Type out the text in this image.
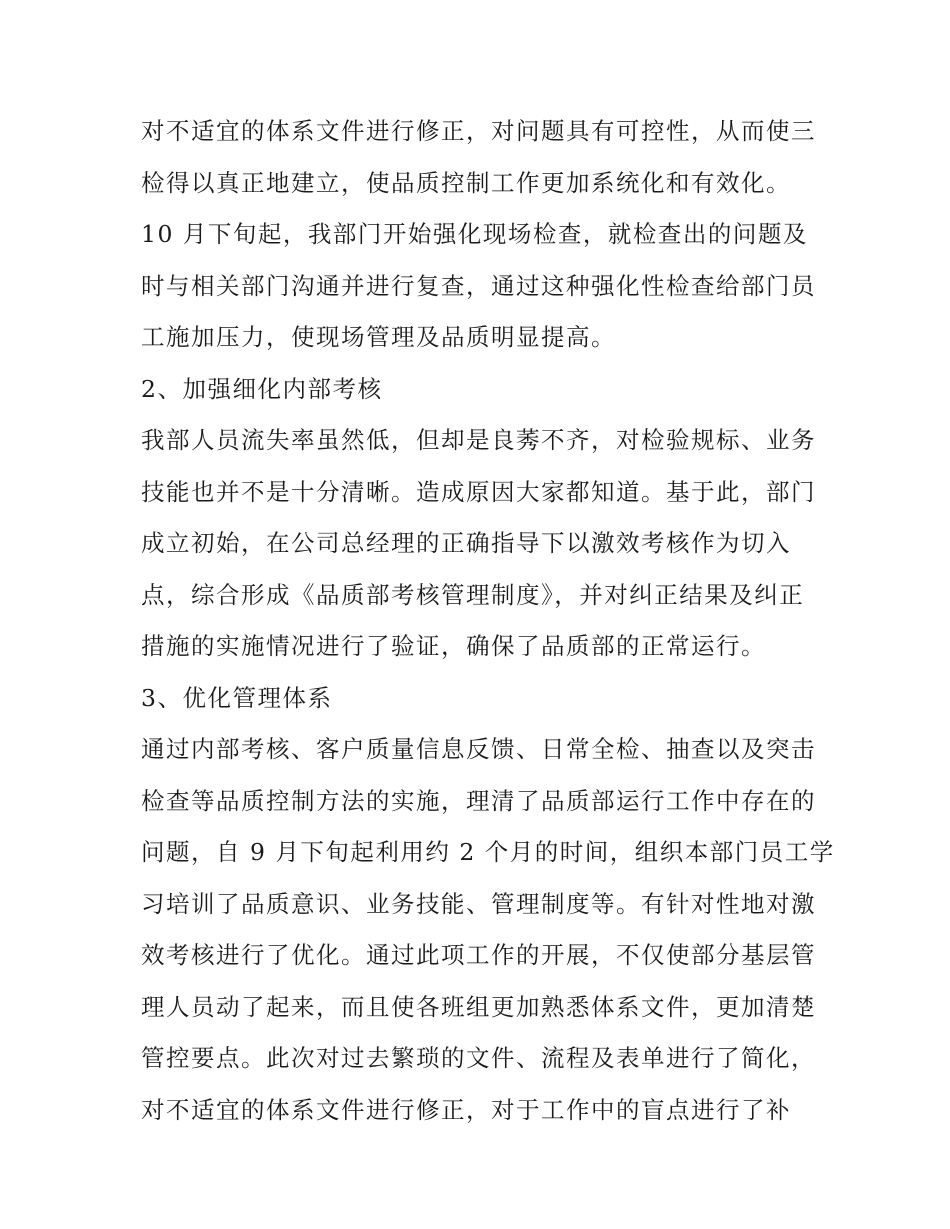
对不适宜的体系文件进行修正，对问题具有可控性，从而使三
检得以真正地建立，使品质控制工作更加系统化和有效化。
10 月下旬起，我部门开始强化现场检查，就检查出的问题及
时与相关部门沟通并进行复查，通过这种强化性检查给部门员
工施加压力，使现场管理及品质明显提高。
2、加强细化内部考核
我部人员流失率虽然低，但却是良莠不齐，对检验规标、业务
技能也并不是十分清晰。造成原因大家都知道。基于此，部门
成立初始，在公司总经理的正确指导下以激效考核作为切入
点，综合形成《品质部考核管理制度》，并对纠正结果及纠正
措施的实施情况进行了验证，确保了品质部的正常运行。
3、优化管理体系
通过内部考核、客户质量信息反馈、日常全检、抽查以及突击
检查等品质控制方法的实施，理清了品质部运行工作中存在的
问题，自 9 月下旬起利用约 2 个月的时间，组织本部门员工学
习培训了品质意识、业务技能、管理制度等。有针对性地对激
效考核进行了优化。通过此项工作的开展，不仅使部分基层管
理人员动了起来，而且使各班组更加熟悉体系文件，更加清楚
管控要点。此次对过去繁琐的文件、流程及表单进行了简化，
对不适宜的体系文件进行修正，对于工作中的盲点进行了补
